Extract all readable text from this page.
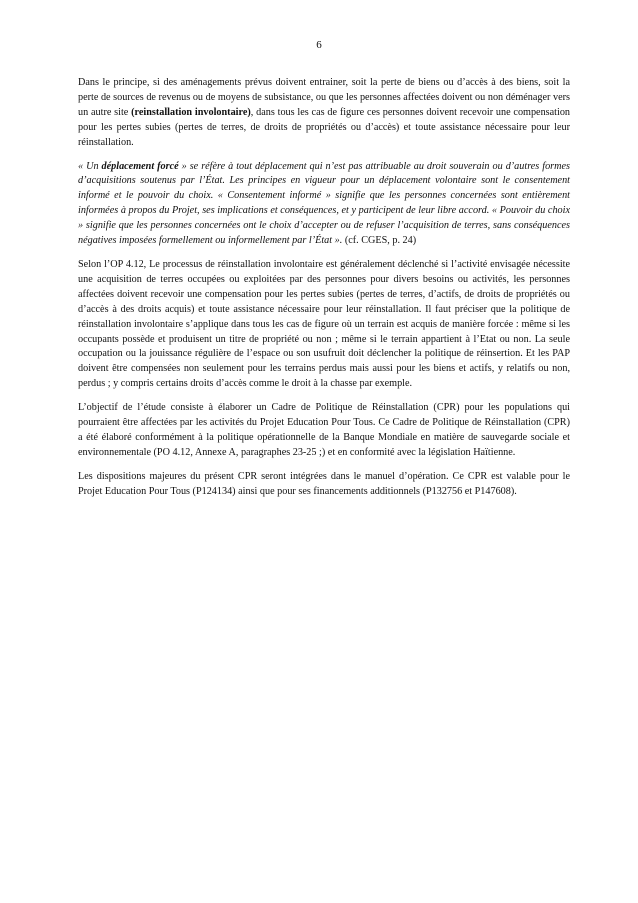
6

Dans le principe, si des aménagements prévus doivent entrainer, soit la perte de biens ou d’accès à des biens, soit la perte de sources de revenus ou de moyens de subsistance, ou que les personnes affectées doivent ou non déménager vers un autre site (reinstallation involontaire), dans tous les cas de figure ces personnes doivent recevoir une compensation pour les pertes subies (pertes de terres, de droits de propriétés ou d’accès) et toute assistance nécessaire pour leur réinstallation.

« Un déplacement forcé » se réfère à tout déplacement qui n’est pas attribuable au droit souverain ou d’autres formes d’acquisitions soutenus par l’État. Les principes en vigueur pour un déplacement volontaire sont le consentement informé et le pouvoir du choix. « Consentement informé » signifie que les personnes concernées sont entièrement informées à propos du Projet, ses implications et conséquences, et y participent de leur libre accord. « Pouvoir du choix » signifie que les personnes concernées ont le choix d’accepter ou de refuser l’acquisition de terres, sans conséquences négatives imposées formellement ou informellement par l’État ». (cf. CGES, p. 24)

Selon l’OP 4.12, Le processus de réinstallation involontaire est généralement déclenché si l’activité envisagée nécessite une acquisition de terres occupées ou exploitées par des personnes pour divers besoins ou activités, les personnes affectées doivent recevoir une compensation pour les pertes subies (pertes de terres, d’actifs, de droits de propriétés ou d’accès à des droits acquis) et toute assistance nécessaire pour leur réinstallation. Il faut préciser que la politique de réinstallation involontaire s’applique dans tous les cas de figure où un terrain est acquis de manière forcée : même si les occupants possède et produisent un titre de propriété ou non ; même si le terrain appartient à l’Etat ou non. La seule occupation ou la jouissance régulière de l’espace ou son usufruit doit déclencher la politique de réinsertion. Et les PAP doivent être compensées non seulement pour les terrains perdus mais aussi pour les biens et actifs, y relatifs ou non, perdus ; y compris certains droits d’accès comme le droit à la chasse par exemple.

L’objectif de l’étude consiste à élaborer un Cadre de Politique de Réinstallation (CPR) pour les populations qui pourraient être affectées par les activités du Projet Education Pour Tous. Ce Cadre de Politique de Réinstallation (CPR) a été élaboré conformément à la politique opérationnelle de la Banque Mondiale en matière de sauvegarde sociale et environnementale (PO 4.12, Annexe A, paragraphes 23-25 ;) et en conformité avec la législation Haïtienne.

Les dispositions majeures du présent CPR seront intégrées dans le manuel d’opération. Ce CPR est valable pour le Projet Education Pour Tous (P124134) ainsi que pour ses financements additionnels (P132756 et P147608).
